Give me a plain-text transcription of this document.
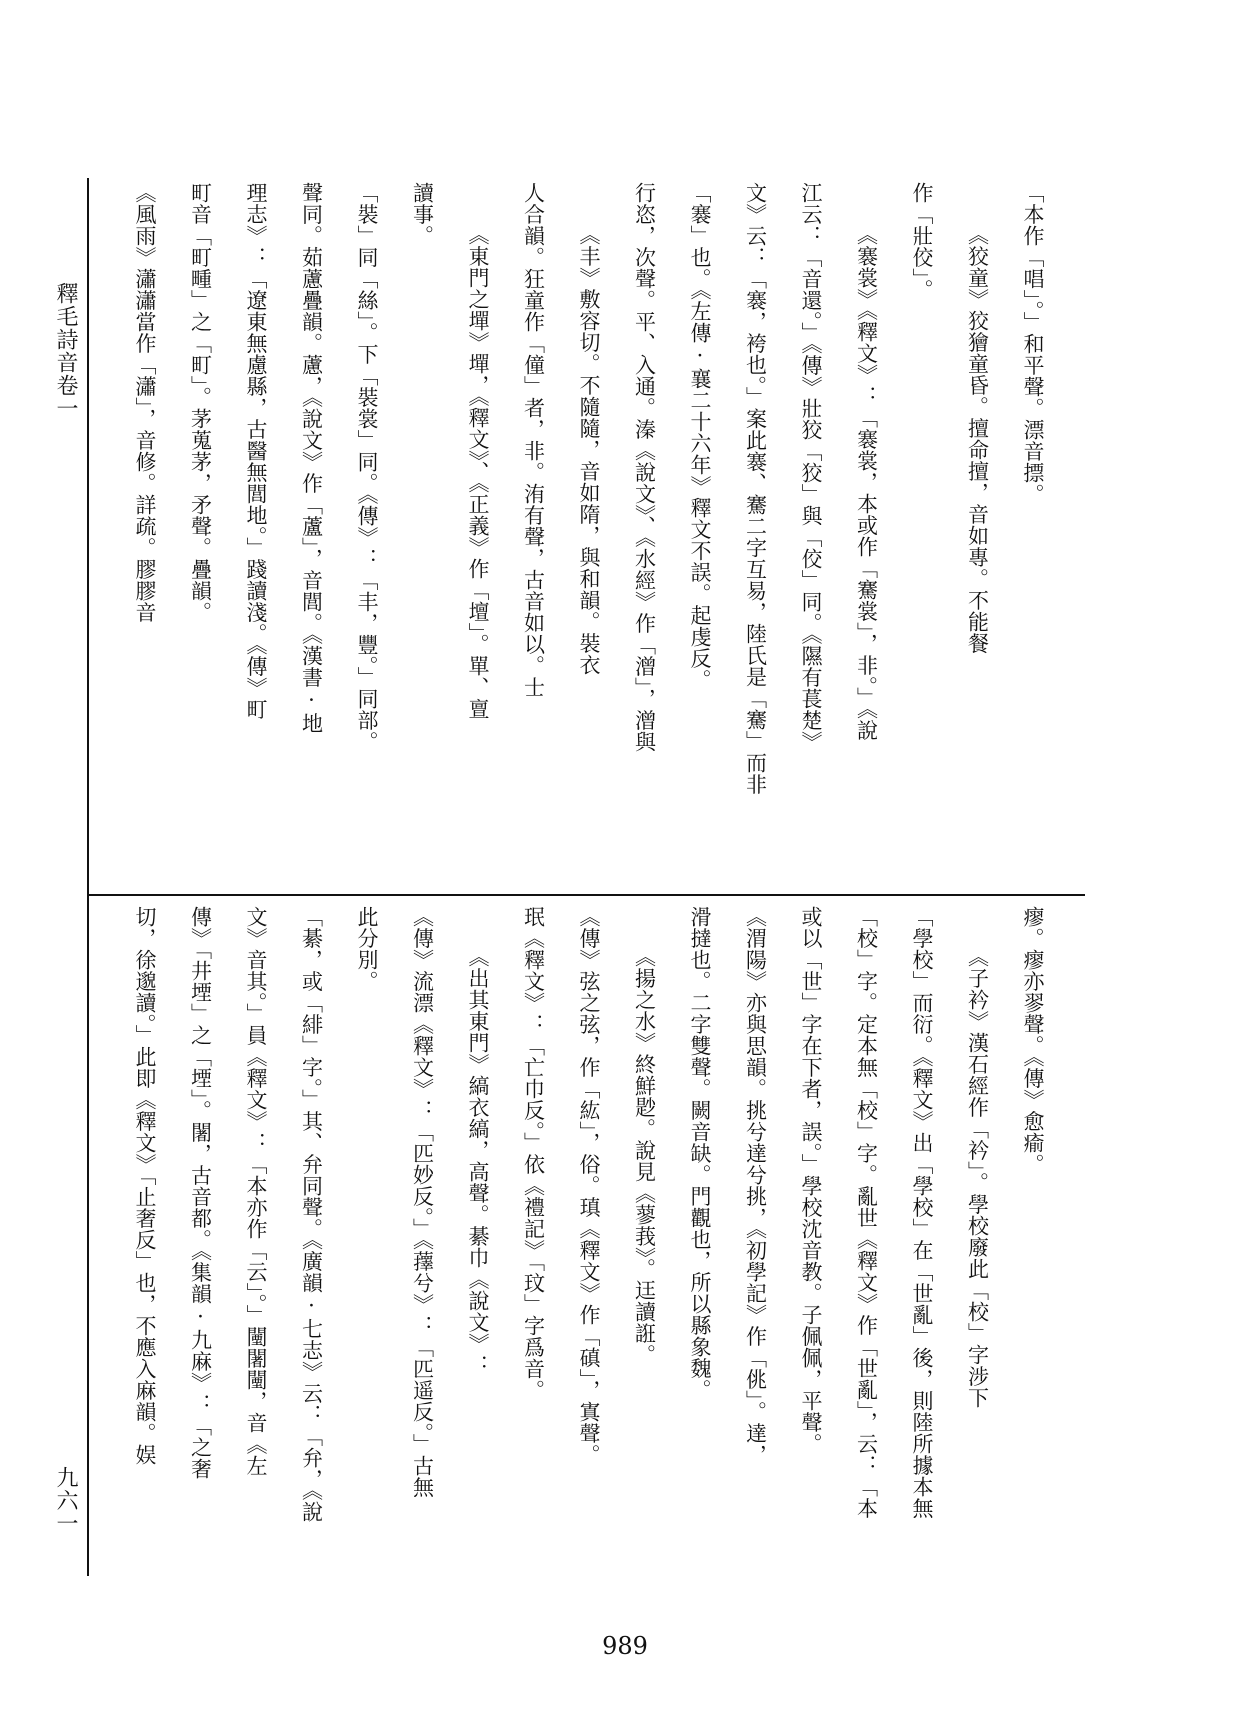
釋毛詩音卷一
九六一
「本作「唱」。」和平聲。漂音摽。
《狡童》狡獪童昏。擅命擅，音如專。不能餐
作「壯佼」。
《褰裳》《釋文》：「褰裳，本或作「騫裳」，非。」《說
江云：「音還。」《傳》壯狡「狡」與「佼」同。《隰有萇楚》
文》云：「褰，袴也。」案此褰、騫二字互易，陸氏是「騫」而非
「褰」也。《左傳·襄二十六年》釋文不誤。起虔反。
行恣，次聲。平、入通。溱《說文》、《水經》作「潧」，潧與
《丰》敷容切。不隨隨，音如隋，與和韻。裝衣
人合韻。狂童作「僮」者，非。洧有聲，古音如以。士
《東門之墠》墠，《釋文》、《正義》作「壇」。單、亶
讀事。
「裝」同「絲」。下「裝裳」同。《傳》：「丰，豐。」同部。
聲同。茹藘疊韻。藘，《說文》作「蘆」，音閭。《漢書·地
理志》：「遼東無慮縣，古醫無閭地。」踐讀淺。《傳》町
町音「町畽」之「町」。茅蒐茅，矛聲。疊韻。
《風雨》瀟瀟當作「瀟」，音修。詳疏。膠膠音
瘳。瘳亦翏聲。《傳》愈瘉。
《子衿》漢石經作「衿」。學校廢此「校」字涉下
「學校」而衍。《釋文》出「學校」在「世亂」後，則陸所據本無
「校」字。定本無「校」字。亂世《釋文》作「世亂」，云：「本
或以「世」字在下者，誤。」學校沈音教。子佩佩，平聲。
《渭陽》亦與思韻。挑兮達兮挑，《初學記》作「佻」。達，
滑撻也。二字雙聲。闕音缺。門觀也，所以縣象魏。
《揚之水》終鮮尟。說見《蓼莪》。迋讀誑。
《傳》弦之弦，作「紘」，俗。瑱《釋文》作「磌」，寘聲。
珉《釋文》：「亡巾反。」依《禮記》「玟」字爲音。
《出其東門》縞衣縞，高聲。綦巾《說文》：
《傳》流漂《釋文》：「匹妙反。」《蘀兮》：「匹遥反。」古無
此分別。
「綦，或「緋」字。」其、弁同聲。《廣韻·七志》云：「弁，《說
文》音其。」員《釋文》：「本亦作「云」。」闉闍闉，音《左
傳》「井堙」之「堙」。闍，古音都。《集韻·九麻》：「之奢
切，徐邈讀。」此即《釋文》「止奢反」也，不應入麻韻。娱
989
